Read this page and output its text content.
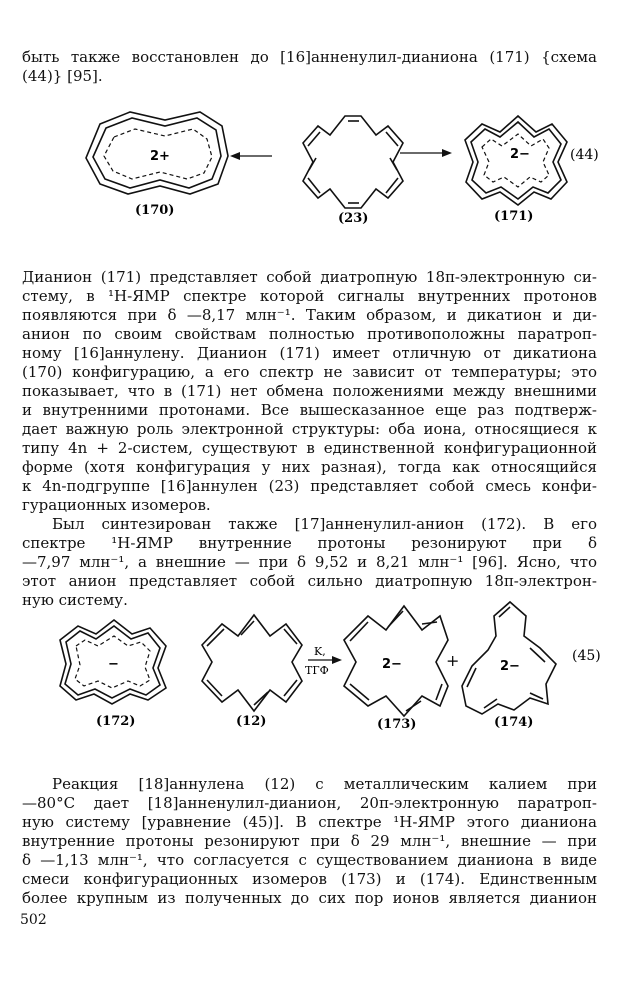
быть также восстановлен до [16]анненулил-дианиона (171) {схема
(44)} [95].
2+
(170)
(23)
2−
(171)
(44)
Дианион (171) представляет собой диатропную 18π-электронную си-
стему, в ¹H-ЯМР спектре которой сигналы внутренних протонов
появляются при δ —8,17 млн⁻¹. Таким образом, и дикатион и ди-
анион по своим свойствам полностью противоположны паратроп-
ному [16]аннулену. Дианион (171) имеет отличную от дикатиона
(170) конфигурацию, а его спектр не зависит от температуры; это
показывает, что в (171) нет обмена положениями между внешними
и внутренними протонами. Все вышесказанное еще раз подтверж-
дает важную роль электронной структуры: оба иона, относящиеся к
типу 4n + 2-систем, существуют в единственной конфигурационной
форме (хотя конфигурация у них разная), тогда как относящийся
к 4n-подгруппе [16]аннулен (23) представляет собой смесь конфи-
гурационных изомеров.
Был синтезирован также [17]анненулил-анион (172). В его
спектре ¹H-ЯМР внутренние протоны резонируют при δ
—7,97 млн⁻¹, а внешние — при δ 9,52 и 8,21 млн⁻¹ [96]. Ясно, что
этот анион представляет собой сильно диатропную 18π-электрон-
ную систему.
−
(172)	(12)
K,
ТГФ	2−
(173)
+	2−
(174)
(45)
Реакция [18]аннулена (12) с металлическим калием при
—80°С дает [18]анненулил-дианион, 20π-электронную паратроп-
ную систему [уравнение (45)]. В спектре ¹H-ЯМР этого дианиона
внутренние протоны резонируют при δ 29 млн⁻¹, внешние — при
δ —1,13 млн⁻¹, что согласуется с существованием дианиона в виде
смеси конфигурационных изомеров (173) и (174). Единственным
более крупным из полученных до сих пор ионов является дианион
502
